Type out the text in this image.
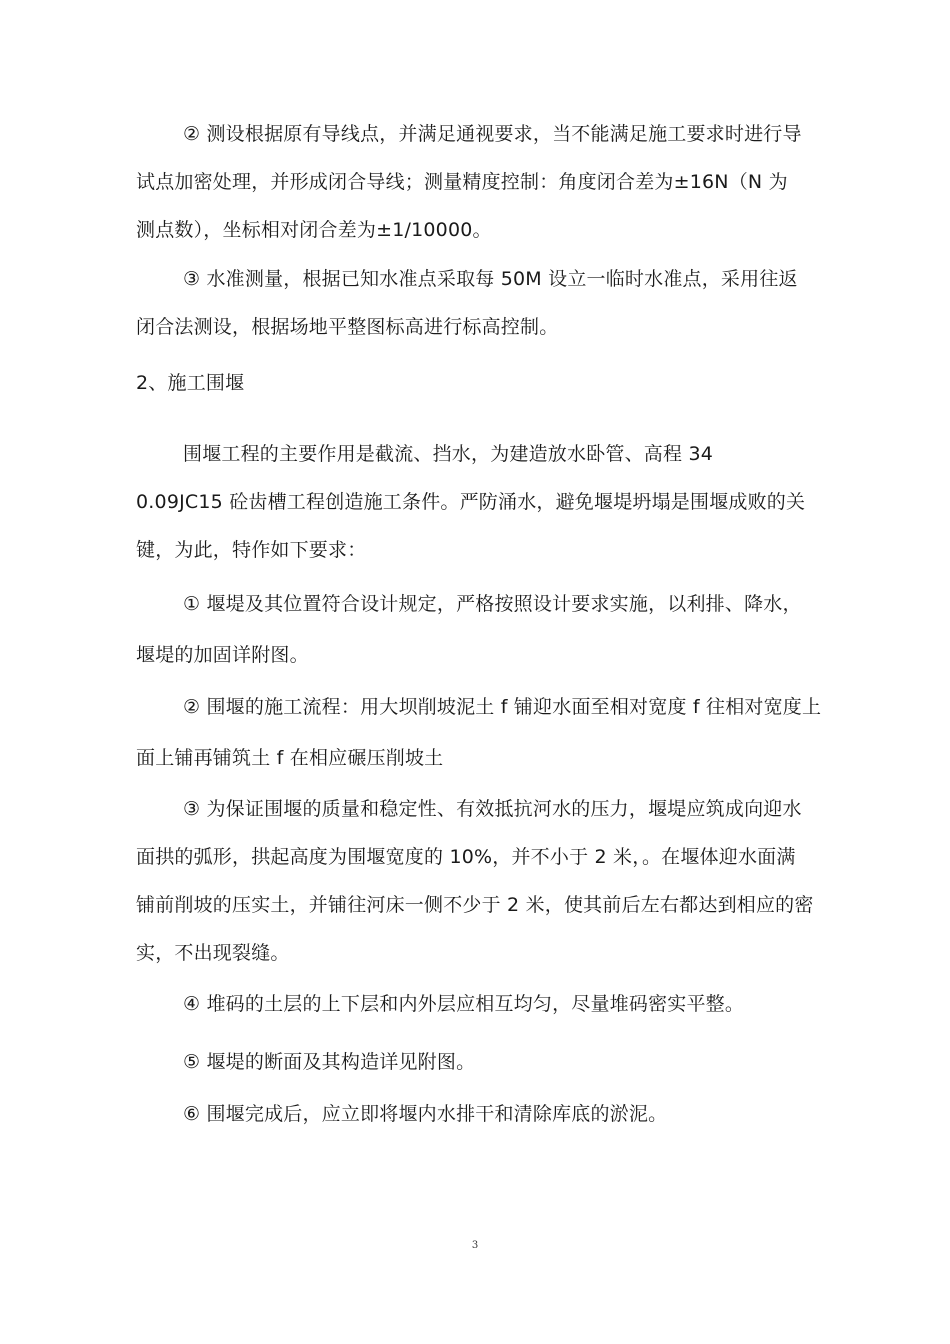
② 测设根据原有导线点，并满足通视要求，当不能满足施工要求时进行导
试点加密处理，并形成闭合导线；测量精度控制：角度闭合差为±16N（N 为
测点数），坐标相对闭合差为±1/10000。
③ 水准测量，根据已知水准点采取每 50M 设立一临时水准点，采用往返
闭合法测设，根据场地平整图标高进行标高控制。
2、施工围堰
围堰工程的主要作用是截流、挡水，为建造放水卧管、高程 34
0.09JC15 砼齿槽工程创造施工条件。严防涌水，避免堰堤坍塌是围堰成败的关
键，为此，特作如下要求：
① 堰堤及其位置符合设计规定，严格按照设计要求实施，以利排、降水，
堰堤的加固详附图。
② 围堰的施工流程：用大坝削坡泥土 f 铺迎水面至相对宽度 f 往相对宽度上
面上铺再铺筑土 f 在相应碾压削坡土
③ 为保证围堰的质量和稳定性、有效抵抗河水的压力，堰堤应筑成向迎水
面拱的弧形，拱起高度为围堰宽度的 10%，并不小于 2 米，。在堰体迎水面满
铺前削坡的压实土，并铺往河床一侧不少于 2 米，使其前后左右都达到相应的密
实，不出现裂缝。
④ 堆码的土层的上下层和内外层应相互均匀，尽量堆码密实平整。
⑤ 堰堤的断面及其构造详见附图。
⑥ 围堰完成后，应立即将堰内水排干和清除库底的淤泥。
3
